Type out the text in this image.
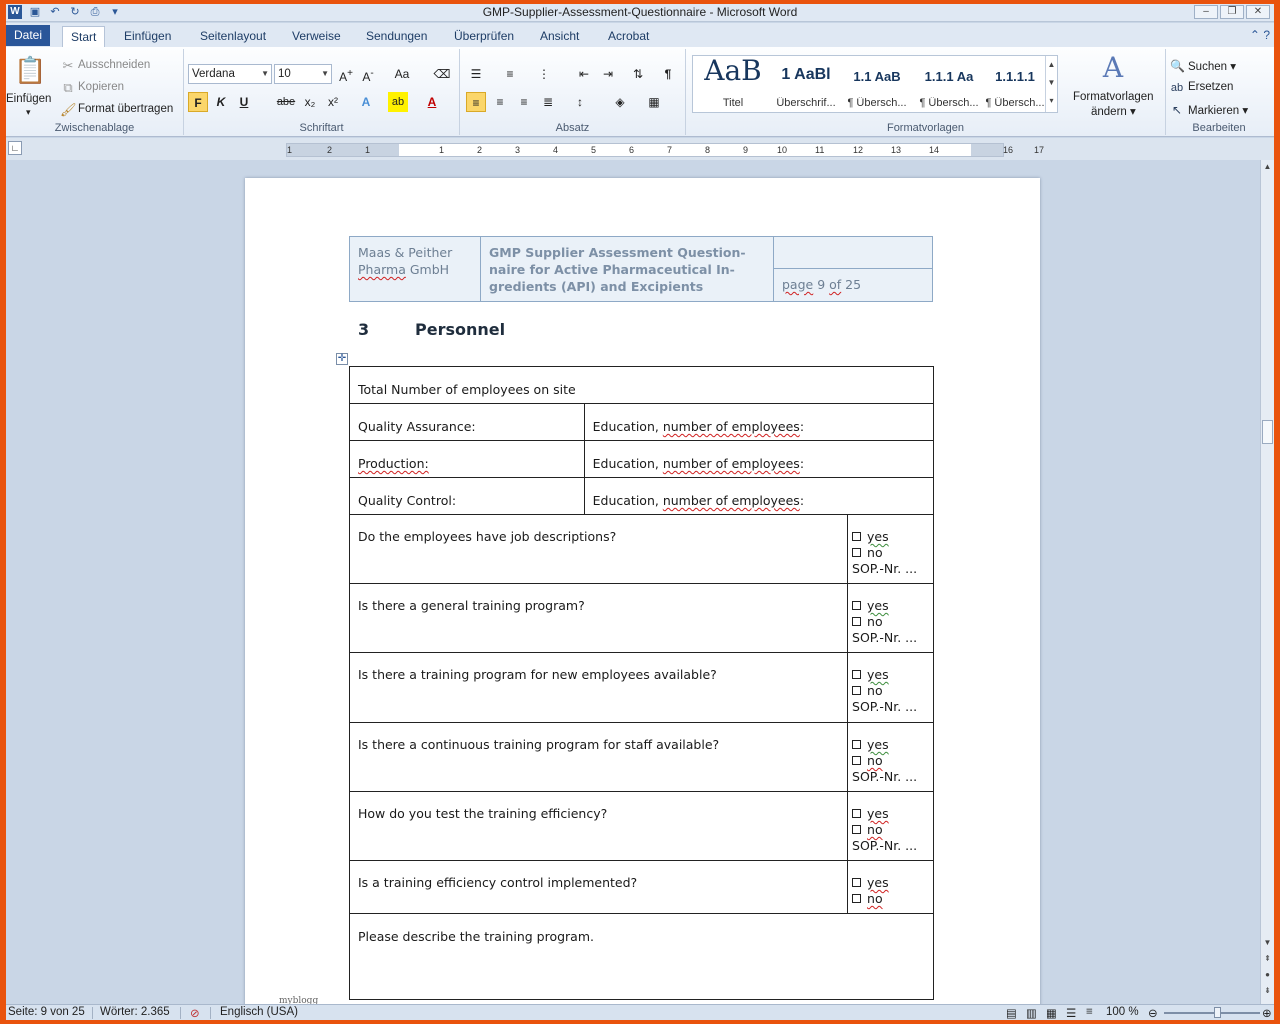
W ▣ ↶ ↻ ⎙	▾	GMP-Supplier-Assessment-Questionnaire - Microsoft Word	–	❐	✕
Datei	Start	Einfügen	Seitenlayout	Verweise	Sendungen	Überprüfen	Ansicht	Acrobat	⌃ ?
📋
Einfügen
▾
✂ Ausschneiden
⧉ Kopieren
🖌 Format übertragen
Zwischenablage
Verdana	▼ 10	▼ A+ A-	Aa ⌫
F	K	U	abe x₂	x²	A	ab	A
Schriftart
☰	≡	⋮	⇤	⇥	⇅	¶
≡	≡	≡	≣	↕	◈	▦
Absatz	Formatvorlagen
AaB
Titel
1 AaBl
Überschrif...
1.1 AaB
¶ Übersch...
1.1.1 Aa
¶ Übersch...
1.1.1.1
¶ Übersch...
▲
▼
▾
A
Formatvorlagen
ändern ▾
🔍 Suchen ▾
ab Ersetzen
↖ Markieren ▾
Bearbeiten
∟	1	2	1	1	2	3	4	5	6	7	8	9	10	11	12	13	14	16	17
Maas & Peither
Pharma GmbH
GMP Supplier Assessment Question-naire for Active Pharmaceutical In-gredients (API) and Excipients	page 9 of 25
3	Personnel
✛
Total Number of employees on site		
Quality Assurance:	Education, number of employees:	
Production:	Education, number of employees:	
Quality Control:	Education, number of employees:	
Do the employees have job descriptions?		yes
no
SOP.-Nr. ...
Is there a general training program?		yes
no
SOP.-Nr. ...
Is there a training program for new employees available?		yes
no
SOP.-Nr. ...
Is there a continuous training program for staff available?		yes
no
SOP.-Nr. ...
How do you test the training efficiency?		yes
no
SOP.-Nr. ...
Is a training efficiency control implemented?		yes
no
Please describe the training program.		
myblogg
▲
▼
⇞
●
⇟
Seite: 9 von 25 Wörter: 2.365 ⊘ Englisch (USA)	▤ ▥ ▦ ☰ ≡ 100 % ⊖	⊕
